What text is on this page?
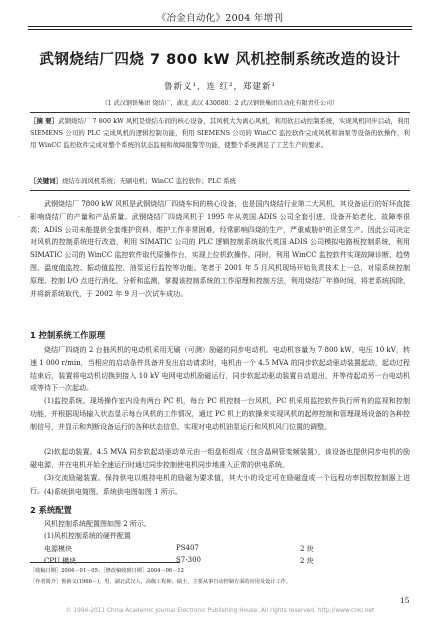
《冶金自动化》2004 年增刊
武钢烧结厂四烧 7 800 kW 风机控制系统改造的设计
鲁新义¹，连 红²，郑建新¹
（1 武汉钢铁集团 烧结厂，湖北 武汉 430080；2 武汉钢铁集团自动化有限责任公司）

［摘 要］武钢烧结厂 7 800 kW 风机是烧结车间的核心设备，其风机大为离心风机，利用软启动控制系统，实现风机同步启动，利用 SIEMENS 公司的 PLC 完成风机的逻辑控制功能，利用 SIEMENS 公司的 WinCC 监控软件完成风机和油泵等设备的软操作，利用 WinCC 监控软件完成对整个系统的状态监视和故障报警等功能，使整个系统满足了工艺生产的要求。

［关键词］烧结车间风机系统；无刷电机；WinCC 监控软件；PLC 系统

·

武钢烧结厂 7800 kW 风机是武钢烧结厂四烧车间的核心设备，也是国内烧结行业第二大风机，其设备运行的好坏直接影响烧结厂的产量和产品质量。武钢烧结厂四烧风机于 1995 年从英国 ADIS 公司全套引进，设备开始老化，故障率很高；ADIS 公司未能提供全套维护资料，维护工作非常困难，经常影响四烧的生产，严重威胁炉的正常生产。因此公司决定对风机的控制系统进行改造，利用 SIMATIC 公司的 PLC 逻辑控制系统取代英国 ADIS 公司模拟电路板控制系统，利用 SIMATIC 公司的 WinCC 监控软件取代原操作台，实现上位机软操作。同时，利用 WinCC 监控软件实现故障诊断、趋势图、温度值监控、振动值监控、油泵运行监控等功能。笔者于 2001 年 5 月风机现场开始负责技术上一总，对原系统控制原理、控制 I/O 点进行消化、分析和监测，掌握该控制系统的工作原理和控制方法，利用烧结厂年修时间，将老系统拆除，并将新系统取代，于 2002 年 9 月一次试车成功。

1 控制系统工作原理

烧结厂四烧的 2 台抽风机的电动机采用无刷（可测）励磁的同步电动机。电动机容量为 7 800 kW，电压 10 kV，转速 1 000 r/min，当相应的启动条件具备并发出启动请求时，电机由一个 4.5 MVA 的同步软起动驱动装置起动，起动过程结束后，装置将电动机切换到接入 10 kV 电网电动机励磁运行，同步软起动驱动装置自动退出，并等待起动另一台电动机或等待下一次起动。

(1)监控系统。现场操作室内设有两台 PC 机，每台 PC 机控制一台风机，PC 机采用监控软件执行所有的监视和控制功能，并根据现场输入状态显示每台风机的工作情况，通过 PC 机上的软操来实现风机的起停控制和管理现场设备的各种控制信号，并显示和判断设备运行的各种状态信息，实现对电动机油泵运行和风机风门位置的调整。

(2)软起动装置。4.5 MVA 同步软起动驱动单元由一组盘柜组成（包含晶闸管变频装置），该设备也提供同步电机的励磁电源，并在电机开始全速运行时通过同步控制使电机同步地准入正常的供电系统。

(3)交流励磁装置。保持供电以维持电机的励磁为要求值，其大小的设定可在励磁盘或一个远程功率因数控制器上进行。 (4)系统供电简图。系统供电图如图 1 所示。

2 系统配置

风机控制系统配置图如图 2 所示。

(1)风机控制系统的硬件配置

电源模块	PS407	2 块
CPU 模块	S7-300	2 块

［收稿日期］2004－01－05；［修改稿收到日期］2004－06－12

［作者简介］鲁新义(1966－)，男，湖北武汉人，高级工程师，硕士，主要从事自动控制方面的应用及设计工作。

15
© 1994-2011 China Academic Journal Electronic Publishing House. All rights reserved. http://www.cnki.net
